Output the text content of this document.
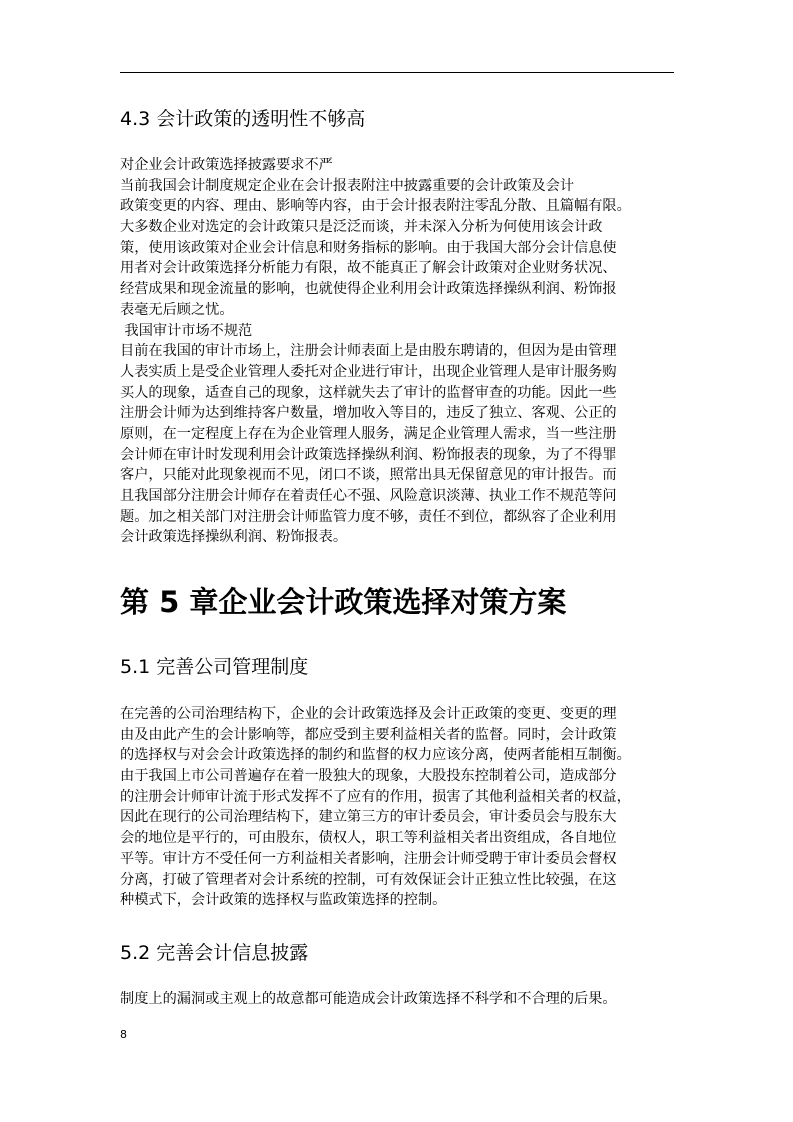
4.3 会计政策的透明性不够高
对企业会计政策选择披露要求不严
当前我国会计制度规定企业在会计报表附注中披露重要的会计政策及会计
政策变更的内容、理由、影响等内容，由于会计报表附注零乱分散、且篇幅有限。
大多数企业对选定的会计政策只是泛泛而谈，并未深入分析为何使用该会计政
策，使用该政策对企业会计信息和财务指标的影响。由于我国大部分会计信息使
用者对会计政策选择分析能力有限，故不能真正了解会计政策对企业财务状况、
经营成果和现金流量的影响，也就使得企业利用会计政策选择操纵利润、粉饰报
表毫无后顾之忧。
我国审计市场不规范
目前在我国的审计市场上，注册会计师表面上是由股东聘请的，但因为是由管理
人表实质上是受企业管理人委托对企业进行审计，出现企业管理人是审计服务购
买人的现象，适查自己的现象，这样就失去了审计的监督审查的功能。因此一些
注册会计师为达到维持客户数量，增加收入等目的，违反了独立、客观、公正的
原则，在一定程度上存在为企业管理人服务，满足企业管理人需求，当一些注册
会计师在审计时发现利用会计政策选择操纵利润、粉饰报表的现象，为了不得罪
客户，只能对此现象视而不见，闭口不谈，照常出具无保留意见的审计报告。而
且我国部分注册会计师存在着责任心不强、风险意识淡薄、执业工作不规范等问
题。加之相关部门对注册会计师监管力度不够，责任不到位，都纵容了企业利用
会计政策选择操纵利润、粉饰报表。
第 5 章企业会计政策选择对策方案
5.1 完善公司管理制度
在完善的公司治理结构下，企业的会计政策选择及会计正政策的变更、变更的理
由及由此产生的会计影响等，都应受到主要利益相关者的监督。同时，会计政策
的选择权与对会会计政策选择的制约和监督的权力应该分离，使两者能相互制衡。
由于我国上市公司普遍存在着一股独大的现象，大股投东控制着公司，造成部分
的注册会计师审计流于形式发挥不了应有的作用，损害了其他利益相关者的权益，
因此在现行的公司治理结构下，建立第三方的审计委员会，审计委员会与股东大
会的地位是平行的，可由股东，债权人，职工等利益相关者出资组成，各自地位
平等。审计方不受任何一方利益相关者影响，注册会计师受聘于审计委员会督权
分离，打破了管理者对会计系统的控制，可有效保证会计正独立性比较强，在这
种模式下，会计政策的选择权与监政策选择的控制。
5.2 完善会计信息披露
制度上的漏洞或主观上的故意都可能造成会计政策选择不科学和不合理的后果。
8
